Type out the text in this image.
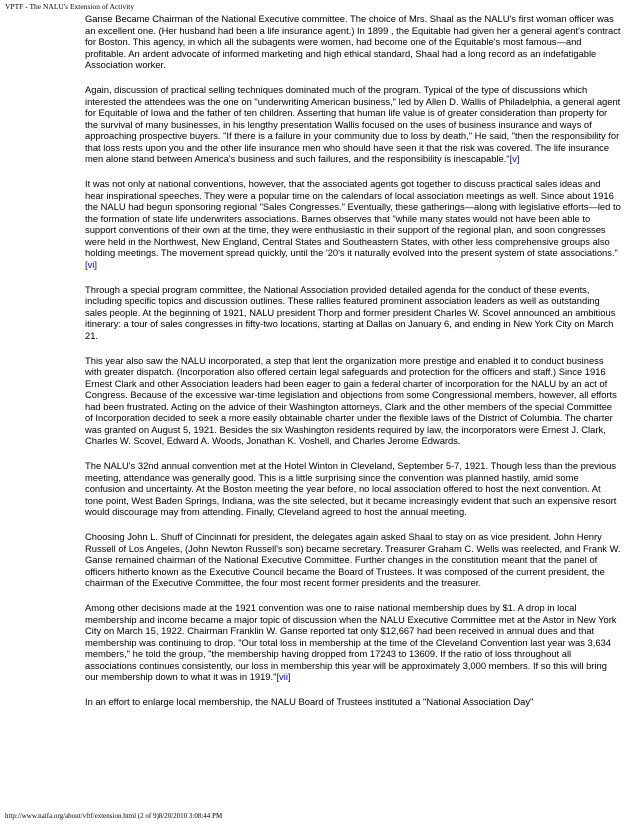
VPTF - The NALU's Extension of Activity

Ganse Became Chairman of the National Executive committee. The choice of Mrs. Shaal as the NALU's first woman officer was an excellent one. (Her husband had been a life insurance agent.) In 1899 , the Equitable had given her a general agent's contract for Boston. This agency, in which all the subagents were women, had become one of the Equitable's most famous—and profitable. An ardent advocate of informed marketing and high ethical standard, Shaal had a long record as an indefatigable Association worker.

Again, discussion of practical selling techniques dominated much of the program. Typical of the type of discussions which interested the attendees was the one on "underwriting American business," led by Allen D. Wallis of Philadelphia, a general agent for Equitable of Iowa and the father of ten children. Asserting that human life value is of greater consideration than property for the survival of many businesses, in his lengthy presentation Wallis focused on the uses of business insurance and ways of approaching prospective buyers. "If there is a failure in your community due to loss by death," He said, "then the responsibility for that loss rests upon you and the other life insurance men who should have seen it that the risk was covered. The life insurance men alone stand between America's business and such failures, and the responsibility is inescapable."[v]

It was not only at national conventions, however, that the associated agents got together to discuss practical sales ideas and hear inspirational speeches. They were a popular time on the calendars of local association meetings as well. Since about 1916 the NALU had begun sponsoring regional "Sales Congresses." Eventually, these gatherings—along with legislative efforts—led to the formation of state life underwriters associations. Barnes observes that "while many states would not have been able to support conventions of their own at the time, they were enthusiastic in their support of the regional plan, and soon congresses were held in the Northwest, New England, Central States and Southeastern States, with other less comprehensive groups also holding meetings. The movement spread quickly, until the '20's it naturally evolved into the present system of state associations."[vi]

Through a special program committee, the National Association provided detailed agenda for the conduct of these events, including specific topics and discussion outlines. These rallies featured prominent association leaders as well as outstanding sales people. At the beginning of 1921, NALU president Thorp and former president Charles W. Scovel announced an ambitious itinerary: a tour of sales congresses in fifty-two locations, starting at Dallas on January 6, and ending in New York City on March 21.

This year also saw the NALU incorporated, a step that lent the organization more prestige and enabled it to conduct business with greater dispatch. (Incorporation also offered certain legal safeguards and protection for the officers and staff.) Since 1916 Ernest Clark and other Association leaders had been eager to gain a federal charter of incorporation for the NALU by an act of Congress. Because of the excessive war-time legislation and objections from some Congressional members, however, all efforts had been frustrated. Acting on the advice of their Washington attorneys, Clark and the other members of the special Committee of Incorporation decided to seek a more easily obtainable charter under the flexible laws of the District of Columbia. The charter was granted on August 5, 1921. Besides the six Washington residents required by law, the incorporators were Ernest J. Clark, Charles W. Scovel, Edward A. Woods, Jonathan K. Voshell, and Charles Jerome Edwards.

The NALU's 32nd annual convention met at the Hotel Winton in Cleveland, September 5-7, 1921. Though less than the previous meeting, attendance was generally good. This is a little surprising since the convention was planned hastily, amid some confusion and uncertainty. At the Boston meeting the year before, no local association offered to host the next convention. At tone point, West Baden Springs, Indiana, was the site selected, but it became increasingly evident that such an expensive resort would discourage may from attending. Finally, Cleveland agreed to host the annual meeting.

Choosing John L. Shuff of Cincinnati for president, the delegates again asked Shaal to stay on as vice president. John Henry Russell of Los Angeles, (John Newton Russell's son) became secretary. Treasurer Graham C. Wells was reelected, and Frank W. Ganse remained chairman of the National Executive Committee. Further changes in the constitution meant that the panel of officers hitherto known as the Executive Council became the Board of Trustees. It was composed of the current president, the chairman of the Executive Committee, the four most recent former presidents and the treasurer.

Among other decisions made at the 1921 convention was one to raise national membership dues by $1. A drop in local membership and income became a major topic of discussion when the NALU Executive Committee met at the Astor in New York City on March 15, 1922. Chairman Franklin W. Ganse reported tat only $12,667 had been received in annual dues and that membership was continuing to drop. "Our total loss in membership at the time of the Cleveland Convention last year was 3,634 members," he told the group, "the membership having dropped from 17243 to 13609. If the ratio of loss throughout all associations continues consistently, our loss in membership this year will be approximately 3,000 members. If so this will bring our membership down to what it was in 1919."[vii]

In an effort to enlarge local membership, the NALU Board of Trustees instituted a "National Association Day"

http://www.naifa.org/about/vftf/extension.html (2 of 9)8/20/2010 3:08:44 PM
